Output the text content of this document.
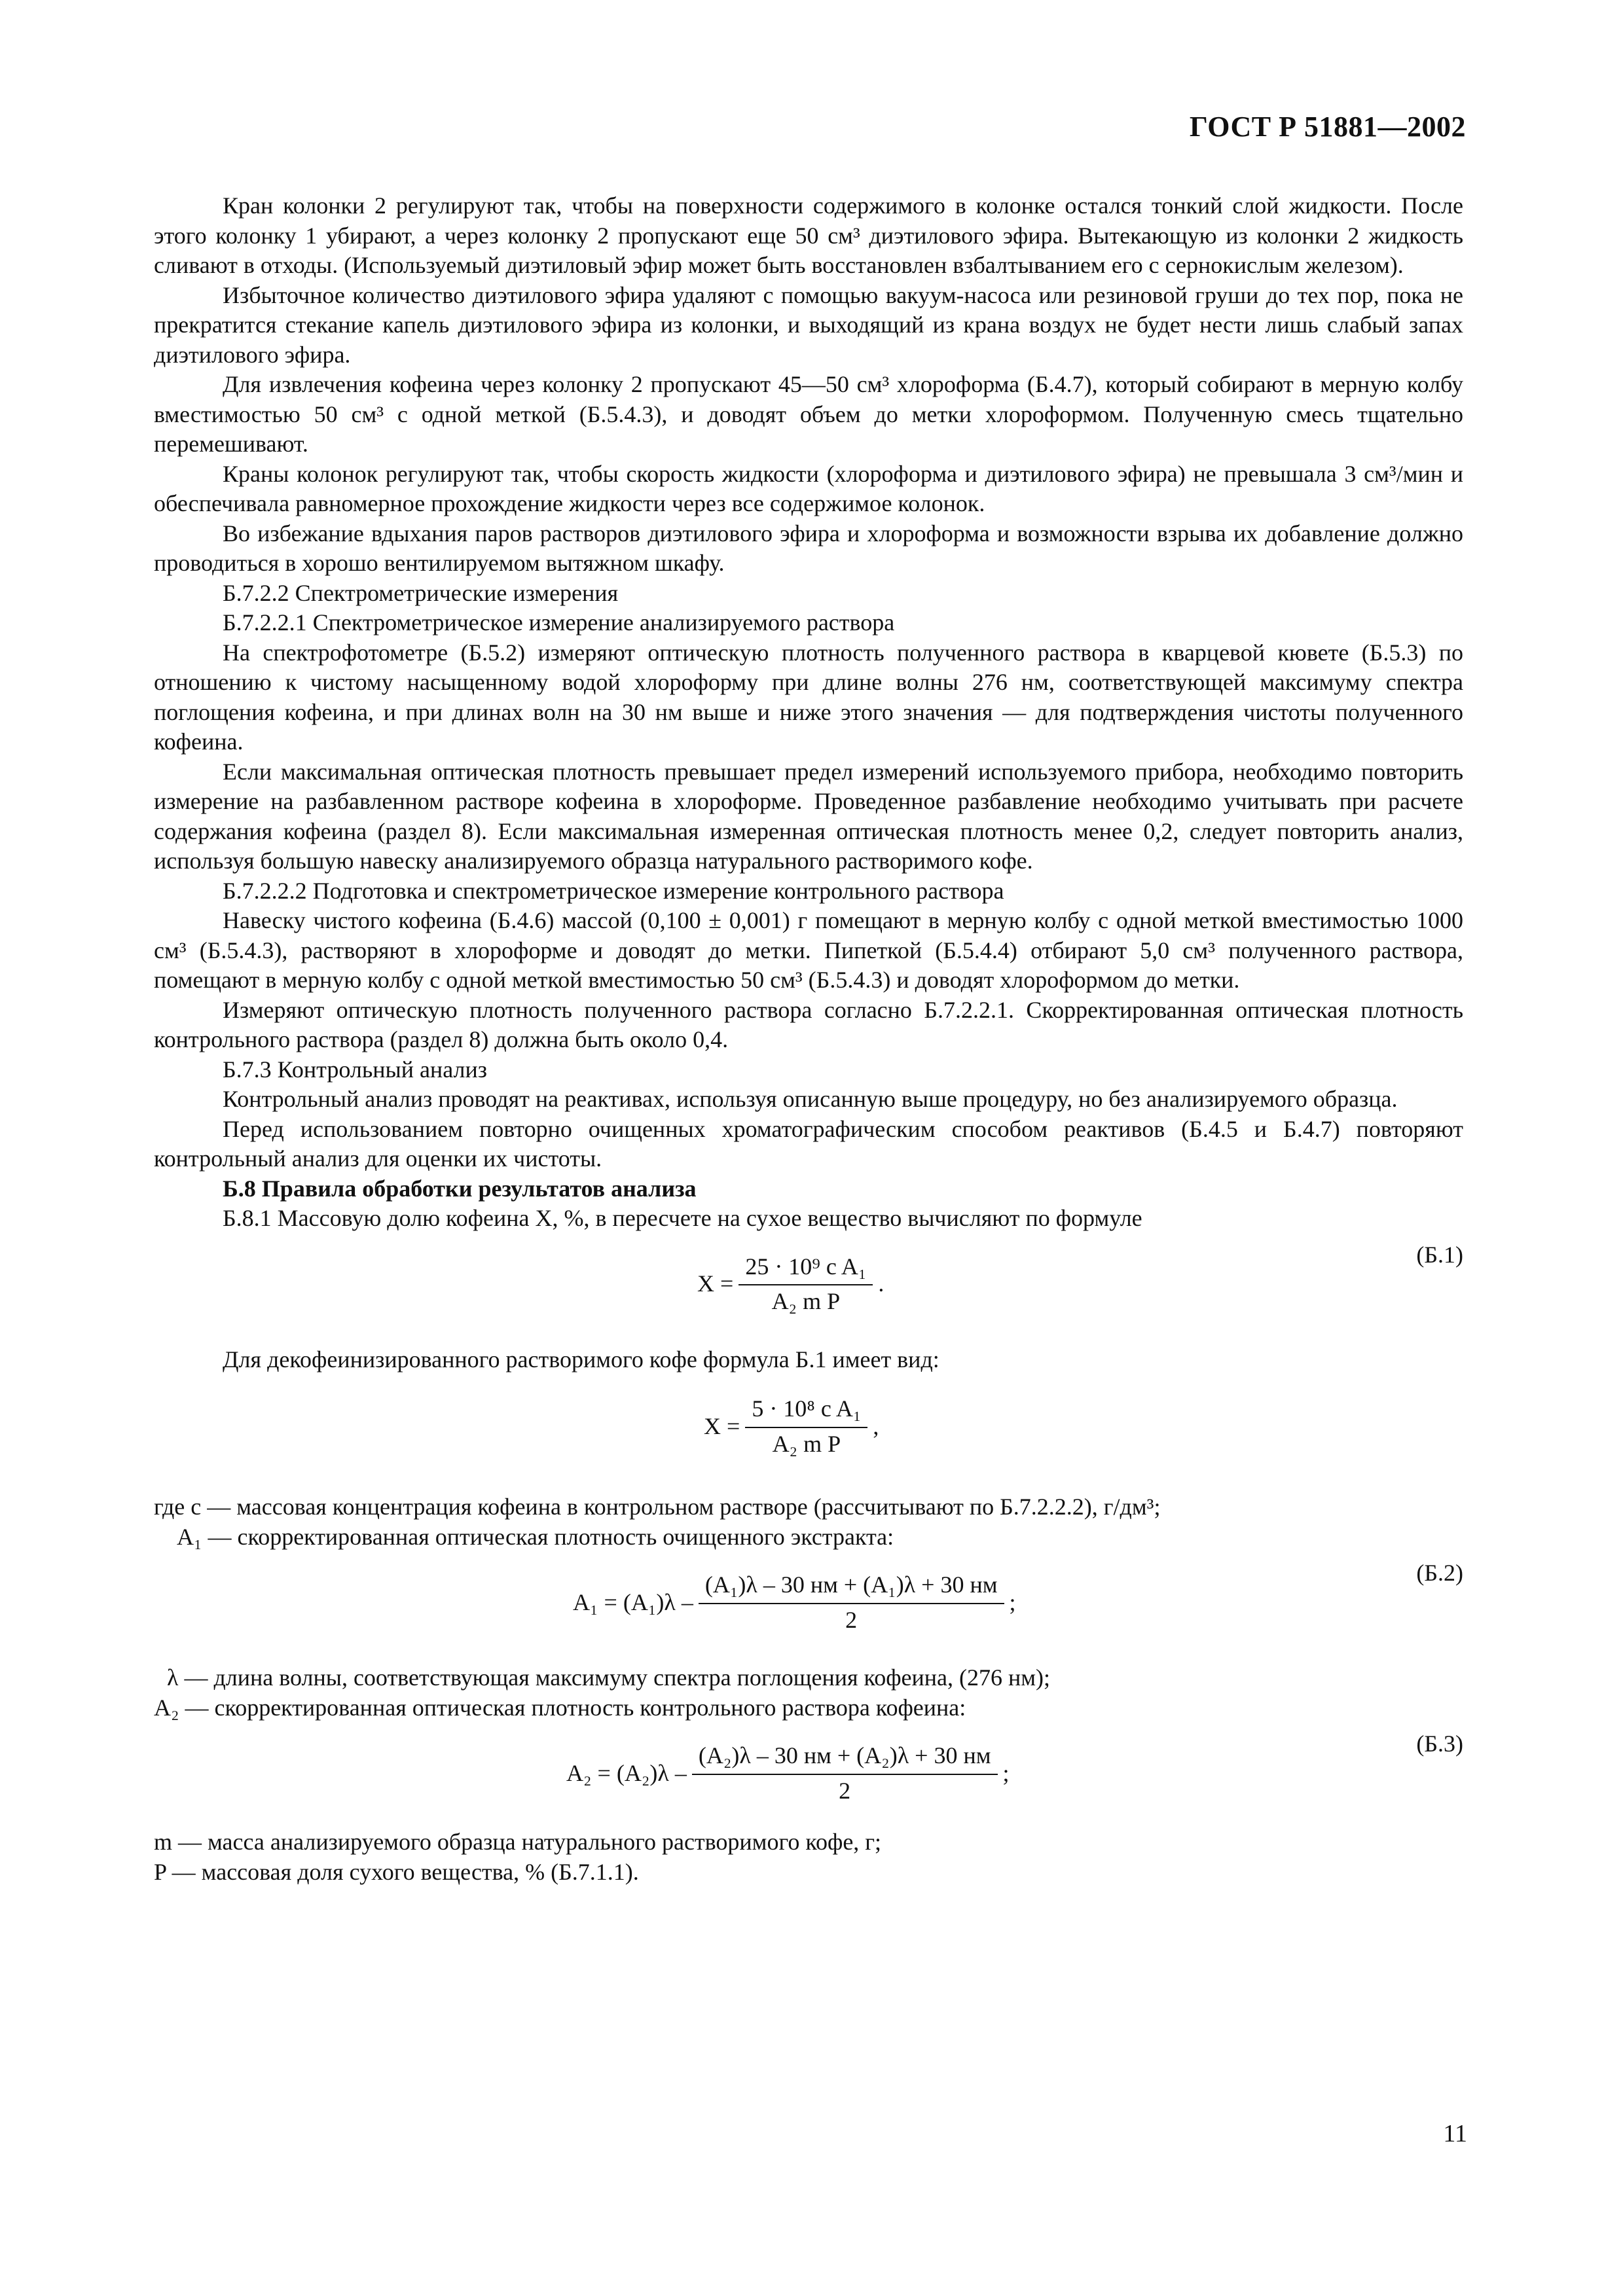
ГОСТ Р 51881—2002

Кран колонки 2 регулируют так, чтобы на поверхности содержимого в колонке остался тонкий слой жидкости. После этого колонку 1 убирают, а через колонку 2 пропускают еще 50 см³ диэтилового эфира. Вытекающую из колонки 2 жидкость сливают в отходы. (Используемый диэтиловый эфир может быть восстановлен взбалтыванием его с сернокислым железом).

Избыточное количество диэтилового эфира удаляют с помощью вакуум-насоса или резиновой груши до тех пор, пока не прекратится стекание капель диэтилового эфира из колонки, и выходящий из крана воздух не будет нести лишь слабый запах диэтилового эфира.

Для извлечения кофеина через колонку 2 пропускают 45—50 см³ хлороформа (Б.4.7), который собирают в мерную колбу вместимостью 50 см³ с одной меткой (Б.5.4.3), и доводят объем до метки хлороформом. Полученную смесь тщательно перемешивают.

Краны колонок регулируют так, чтобы скорость жидкости (хлороформа и диэтилового эфира) не превышала 3 см³/мин и обеспечивала равномерное прохождение жидкости через все содержимое колонок.

Во избежание вдыхания паров растворов диэтилового эфира и хлороформа и возможности взрыва их добавление должно проводиться в хорошо вентилируемом вытяжном шкафу.

Б.7.2.2 Спектрометрические измерения

Б.7.2.2.1 Спектрометрическое измерение анализируемого раствора

На спектрофотометре (Б.5.2) измеряют оптическую плотность полученного раствора в кварцевой кювете (Б.5.3) по отношению к чистому насыщенному водой хлороформу при длине волны 276 нм, соответствующей максимуму спектра поглощения кофеина, и при длинах волн на 30 нм выше и ниже этого значения — для подтверждения чистоты полученного кофеина.

Если максимальная оптическая плотность превышает предел измерений используемого прибора, необходимо повторить измерение на разбавленном растворе кофеина в хлороформе. Проведенное разбавление необходимо учитывать при расчете содержания кофеина (раздел 8). Если максимальная измеренная оптическая плотность менее 0,2, следует повторить анализ, используя большую навеску анализируемого образца натурального растворимого кофе.

Б.7.2.2.2 Подготовка и спектрометрическое измерение контрольного раствора

Навеску чистого кофеина (Б.4.6) массой (0,100 ± 0,001) г помещают в мерную колбу с одной меткой вместимостью 1000 см³ (Б.5.4.3), растворяют в хлороформе и доводят до метки. Пипеткой (Б.5.4.4) отбирают 5,0 см³ полученного раствора, помещают в мерную колбу с одной меткой вместимостью 50 см³ (Б.5.4.3) и доводят хлороформом до метки.

Измеряют оптическую плотность полученного раствора согласно Б.7.2.2.1. Скорректированная оптическая плотность контрольного раствора (раздел 8) должна быть около 0,4.

Б.7.3 Контрольный анализ

Контрольный анализ проводят на реактивах, используя описанную выше процедуру, но без анализируемого образца.

Перед использованием повторно очищенных хроматографическим способом реактивов (Б.4.5 и Б.4.7) повторяют контрольный анализ для оценки их чистоты.

Б.8 Правила обработки результатов анализа

Б.8.1 Массовую долю кофеина X, %, в пересчете на сухое вещество вычисляют по формуле

$X = \frac{\text{25 · 10⁹ c A₁}}{\text{A₂ m P}}$ .
(Б.1)

Для декофеинизированного растворимого кофе формула Б.1 имеет вид:

$X = \frac{\text{5 · 10⁸ c A₁}}{\text{A₂ m P}}$ ,

где c — массовая концентрация кофеина в контрольном растворе (рассчитывают по Б.7.2.2.2), г/дм³;

A₁ — скорректированная оптическая плотность очищенного экстракта:

$A_1 = (A_1)\lambda - \frac{\text{(A₁)λ – 30 нм + (A₁)λ + 30 нм}}{2}$ ;
(Б.2)

λ — длина волны, соответствующая максимуму спектра поглощения кофеина, (276 нм);

A₂ — скорректированная оптическая плотность контрольного раствора кофеина:

$A_2 = (A_2)\lambda - \frac{\text{(A₂)λ – 30 нм + (A₂)λ + 30 нм}}{2}$ ;
(Б.3)

m — масса анализируемого образца натурального растворимого кофе, г;

P — массовая доля сухого вещества, % (Б.7.1.1).

11
